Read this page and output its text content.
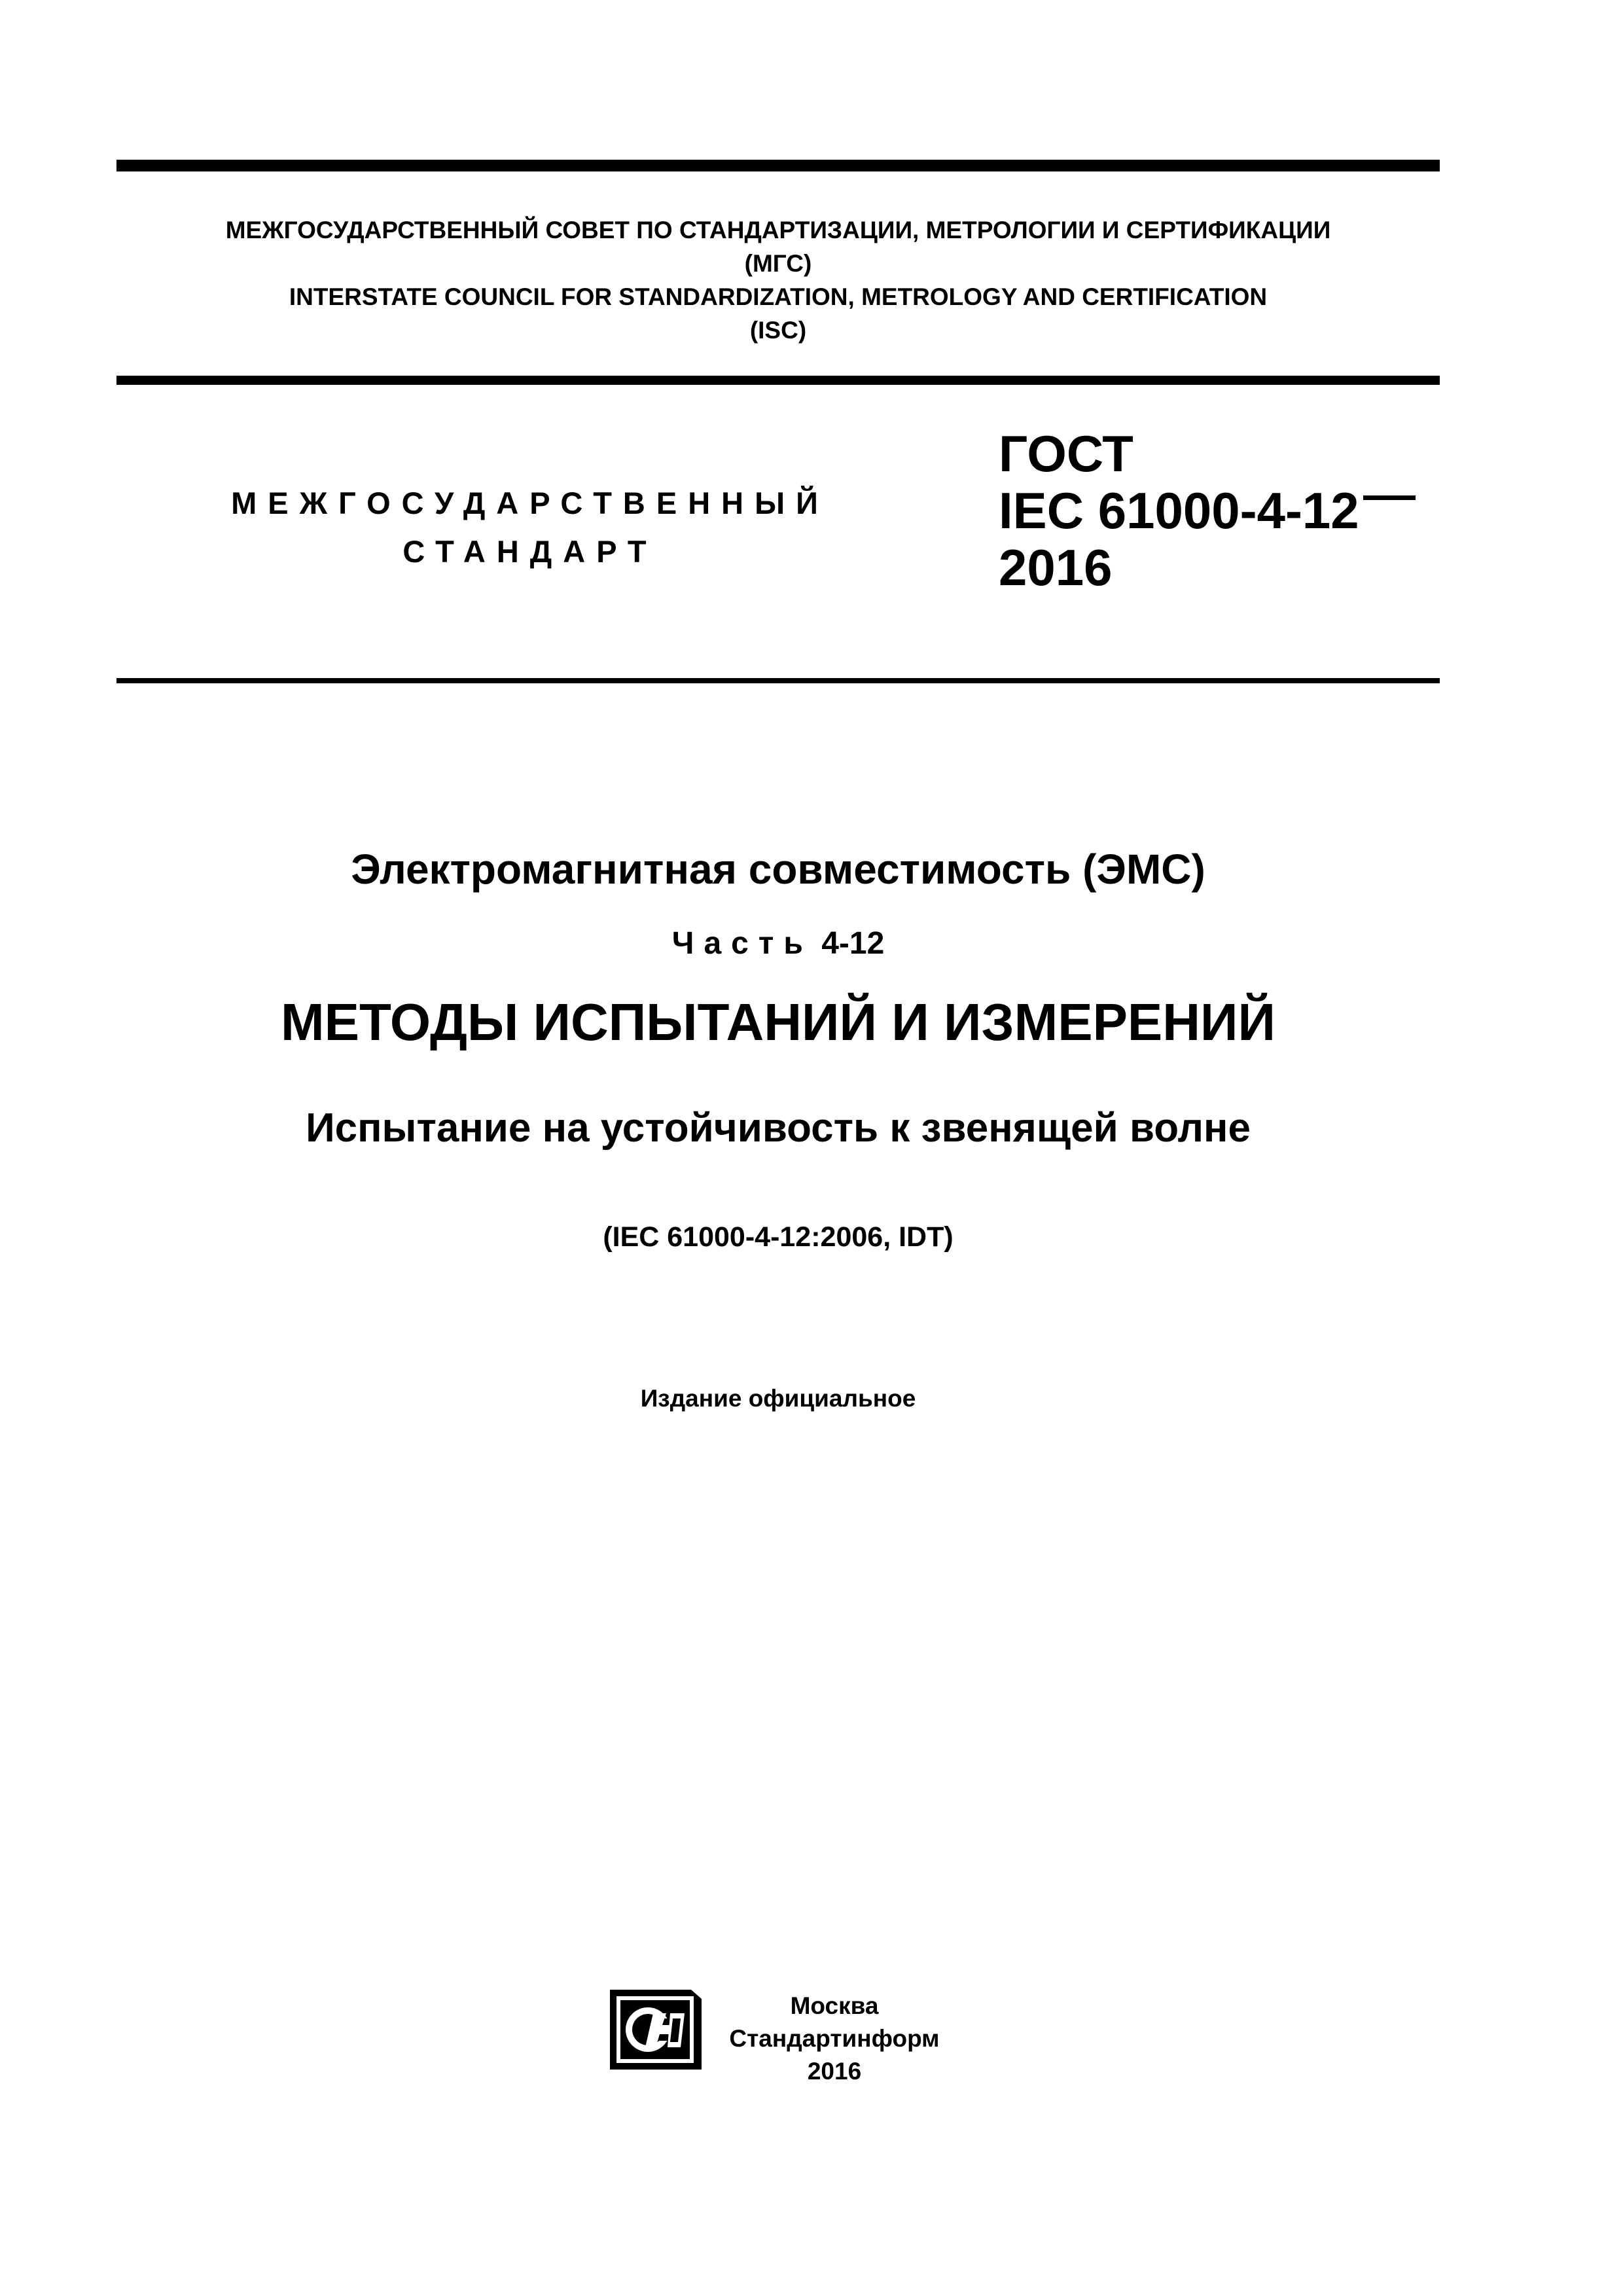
МЕЖГОСУДАРСТВЕННЫЙ СОВЕТ ПО СТАНДАРТИЗАЦИИ, МЕТРОЛОГИИ И СЕРТИФИКАЦИИ
(МГС)
INTERSTATE COUNCIL FOR STANDARDIZATION, METROLOGY AND CERTIFICATION
(ISC)
МЕЖГОСУДАРСТВЕННЫЙ
СТАНДАРТ
ГОСТ
IEC 61000-4-12
2016
Электромагнитная совместимость (ЭМС)
Часть 4-12
МЕТОДЫ ИСПЫТАНИЙ И ИЗМЕРЕНИЙ
Испытание на устойчивость к звенящей волне
(IEC 61000-4-12:2006, IDT)
Издание официальное
Москва
Стандартинформ
2016
